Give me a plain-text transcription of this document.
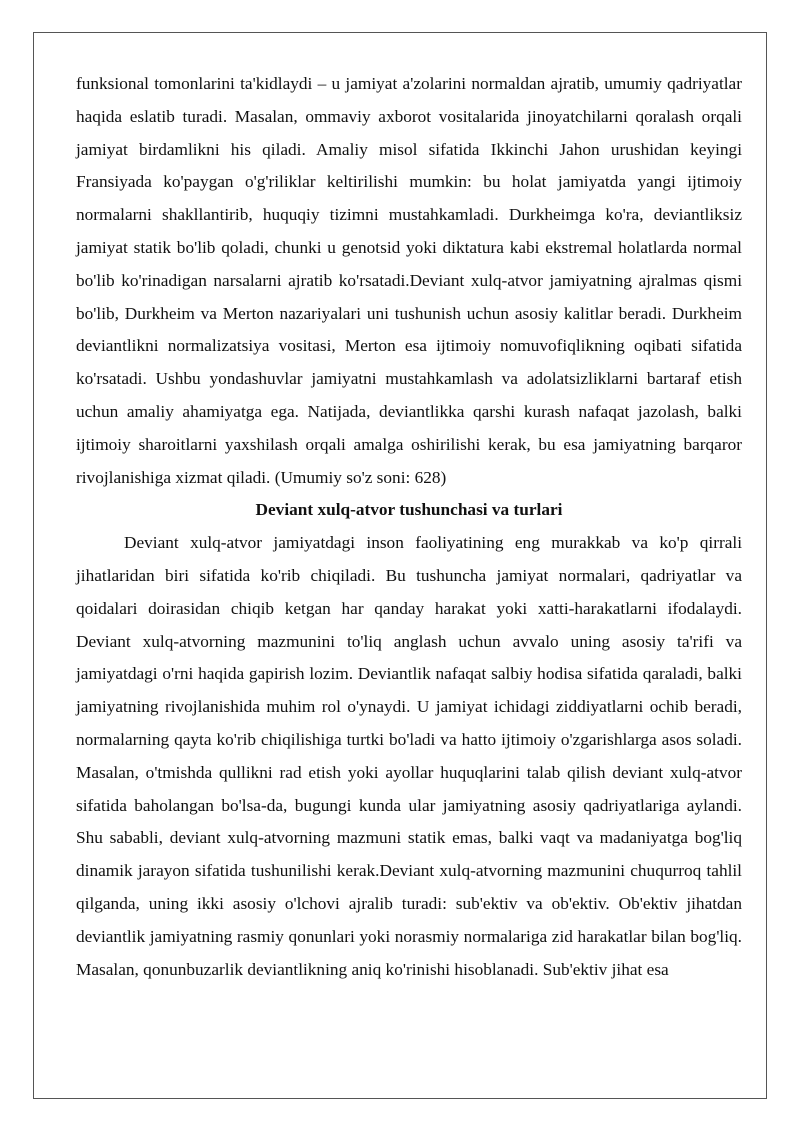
funksional tomonlarini ta'kidlaydi – u jamiyat a'zolarini normaldan ajratib, umumiy qadriyatlar haqida eslatib turadi. Masalan, ommaviy axborot vositalarida jinoyatchilarni qoralash orqali jamiyat birdamlikni his qiladi. Amaliy misol sifatida Ikkinchi Jahon urushidan keyingi Fransiyada ko'paygan o'g'riliklar keltirilishi mumkin: bu holat jamiyatda yangi ijtimoiy normalarni shakllantirib, huquqiy tizimni mustahkamladi. Durkheimga ko'ra, deviantliksiz jamiyat statik bo'lib qoladi, chunki u genotsid yoki diktatura kabi ekstremal holatlarda normal bo'lib ko'rinadigan narsalarni ajratib ko'rsatadi.Deviant xulq-atvor jamiyatning ajralmas qismi bo'lib, Durkheim va Merton nazariyalari uni tushunish uchun asosiy kalitlar beradi. Durkheim deviantlikni normalizatsiya vositasi, Merton esa ijtimoiy nomuvofiqlikning oqibati sifatida ko'rsatadi. Ushbu yondashuvlar jamiyatni mustahkamlash va adolatsizliklarni bartaraf etish uchun amaliy ahamiyatga ega. Natijada, deviantlikka qarshi kurash nafaqat jazolash, balki ijtimoiy sharoitlarni yaxshilash orqali amalga oshirilishi kerak, bu esa jamiyatning barqaror rivojlanishiga xizmat qiladi. (Umumiy so'z soni: 628)

Deviant xulq-atvor tushunchasi va turlari

Deviant xulq-atvor jamiyatdagi inson faoliyatining eng murakkab va ko'p qirrali jihatlaridan biri sifatida ko'rib chiqiladi. Bu tushuncha jamiyat normalari, qadriyatlar va qoidalari doirasidan chiqib ketgan har qanday harakat yoki xatti-harakatlarni ifodalaydi. Deviant xulq-atvorning mazmunini to'liq anglash uchun avvalo uning asosiy ta'rifi va jamiyatdagi o'rni haqida gapirish lozim. Deviantlik nafaqat salbiy hodisa sifatida qaraladi, balki jamiyatning rivojlanishida muhim rol o'ynaydi. U jamiyat ichidagi ziddiyatlarni ochib beradi, normalarning qayta ko'rib chiqilishiga turtki bo'ladi va hatto ijtimoiy o'zgarishlarga asos soladi. Masalan, o'tmishda qullikni rad etish yoki ayollar huquqlarini talab qilish deviant xulq-atvor sifatida baholangan bo'lsa-da, bugungi kunda ular jamiyatning asosiy qadriyatlariga aylandi. Shu sababli, deviant xulq-atvorning mazmuni statik emas, balki vaqt va madaniyatga bog'liq dinamik jarayon sifatida tushunilishi kerak.Deviant xulq-atvorning mazmunini chuqurroq tahlil qilganda, uning ikki asosiy o'lchovi ajralib turadi: sub'ektiv va ob'ektiv. Ob'ektiv jihatdan deviantlik jamiyatning rasmiy qonunlari yoki norasmiy normalariga zid harakatlar bilan bog'liq. Masalan, qonunbuzarlik deviantlikning aniq ko'rinishi hisoblanadi. Sub'ektiv jihat esa
